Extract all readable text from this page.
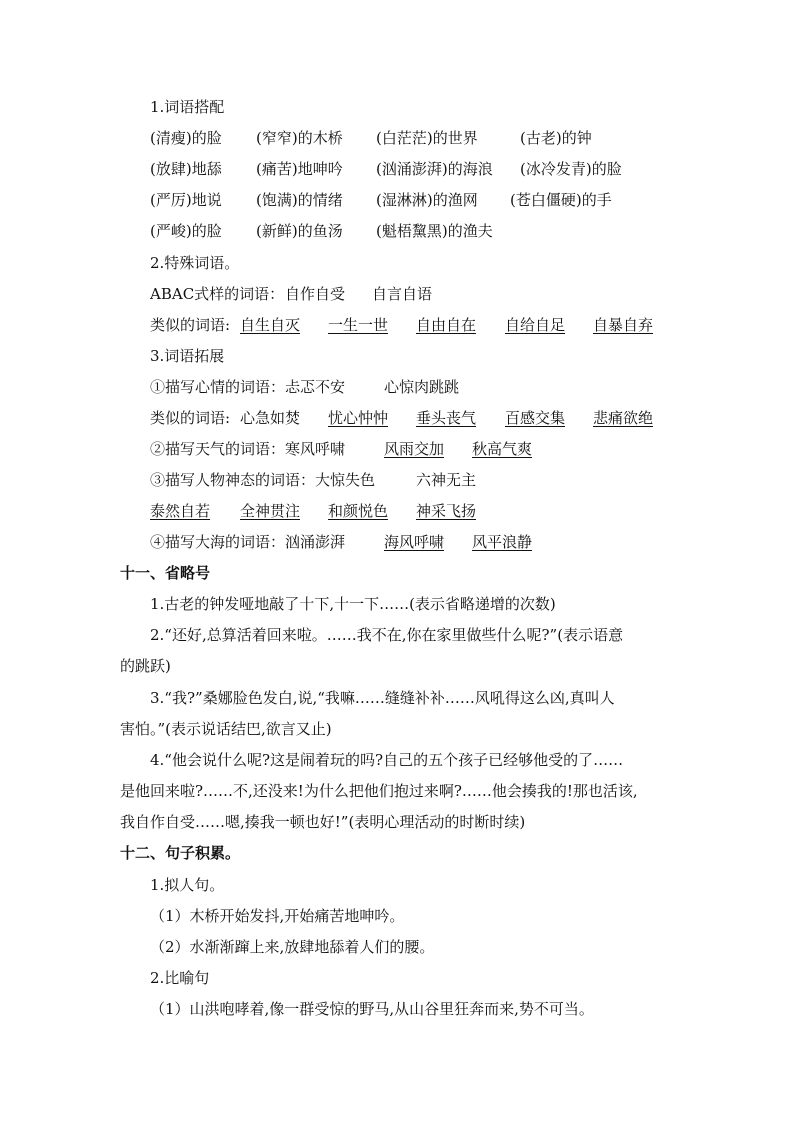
1.词语搭配
(清瘦)的脸 (窄窄)的木桥 (白茫茫)的世界	(古老)的钟
(放肆)地舔 (痛苦)地呻吟 (汹涌澎湃)的海浪 (冰冷发青)的脸
(严厉)地说 (饱满)的情绪 (湿淋淋)的渔网 (苍白僵硬)的手
(严峻)的脸 (新鲜)的鱼汤 (魁梧黧黑)的渔夫
2.特殊词语。
ABAC式样的词语： 自作自受 自言自语
类似的词语: 自生自灭 一生一世 自由自在 自给自足 自暴自弃
3.词语拓展
①描写心情的词语： 忐忑不安	心惊肉跳跳
类似的词语: 心急如焚 忧心忡忡 垂头丧气 百感交集 悲痛欲绝
②描写天气的词语： 寒风呼啸	风雨交加 秋高气爽
③描写人物神态的词语： 大惊失色	六神无主
泰然自若 全神贯注 和颜悦色 神采飞扬
④描写大海的词语： 汹涌澎湃	海风呼啸 风平浪静
十一、省略号
1.古老的钟发哑地敲了十下,十一下……(表示省略递增的次数)
2.“还好,总算活着回来啦。……我不在,你在家里做些什么呢?”(表示语意
的跳跃)
3.“我?”桑娜脸色发白,说,“我嘛……缝缝补补……风吼得这么凶,真叫人
害怕。”(表示说话结巴,欲言又止)
4.“他会说什么呢?这是闹着玩的吗?自己的五个孩子已经够他受的了……
是他回来啦?……不,还没来!为什么把他们抱过来啊?……他会揍我的!那也活该,
我自作自受……嗯,揍我一顿也好!”(表明心理活动的时断时续)
十二、句子积累。
1.拟人句。
（1）木桥开始发抖,开始痛苦地呻吟。
（2）水渐渐蹿上来,放肆地舔着人们的腰。
2.比喻句
（1）山洪咆哮着,像一群受惊的野马,从山谷里狂奔而来,势不可当。
